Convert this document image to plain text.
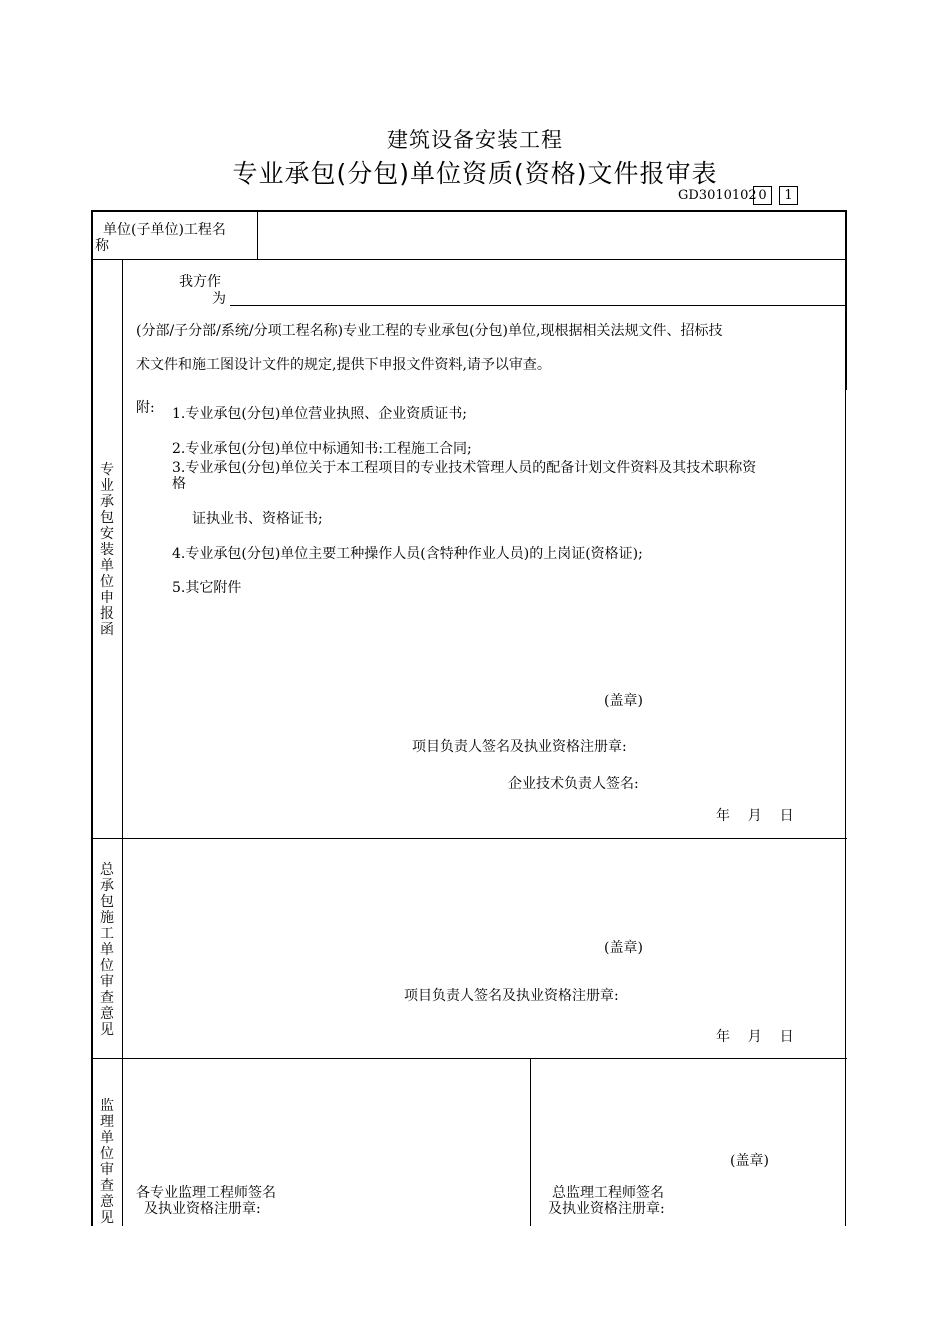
建筑设备安装工程
专业承包(分包)单位资质(资格)文件报审表
GD3010102 0	1
单位(子单位)工程名
称
专业承包安装单位申报函
我方作
为
(分部/子分部/系统/分项工程名称)专业工程的专业承包(分包)单位,现根据相关法规文件、招标技
术文件和施工图设计文件的规定,提供下申报文件资料,请予以审查。
附: 1.专业承包(分包)单位营业执照、企业资质证书;
2.专业承包(分包)单位中标通知书:工程施工合同;
3.专业承包(分包)单位关于本工程项目的专业技术管理人员的配备计划文件资料及其技术职称资
格
证执业书、资格证书;
4.专业承包(分包)单位主要工种操作人员(含特种作业人员)的上岗证(资格证);
5.其它附件
(盖章)
项目负责人签名及执业资格注册章:
企业技术负责人签名:
年    月    日
总承包施工单位审查意见
(盖章)
项目负责人签名及执业资格注册章:
年    月    日
监理单位审查意见
(盖章)
各专业监理工程师签名
及执业资格注册章:
总监理工程师签名
及执业资格注册章:
